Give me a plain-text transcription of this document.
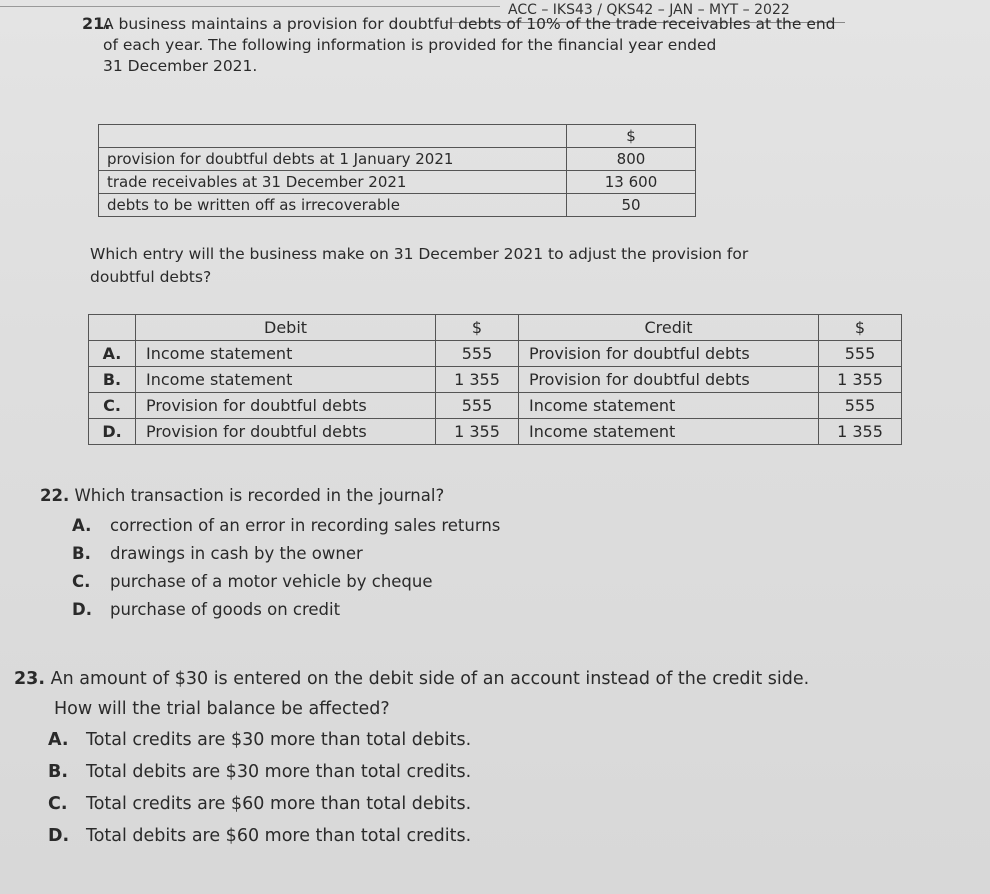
ACC – IKS43 / QKS42 – JAN – MYT – 2022
21.
A business maintains a provision for doubtful debts of 10% of the trade receivables at the end
of each year. The following information is provided for the financial year ended
31 December 2021.
	$
provision for doubtful debts at 1 January 2021	800
trade receivables at 31 December 2021	13 600
debts to be written off as irrecoverable	50
Which entry will the business make on 31 December 2021 to adjust the provision for
doubtful debts?
	Debit	$	Credit	$
A.	Income statement	555	Provision for doubtful debts	555
B.	Income statement	1 355	Provision for doubtful debts	1 355
C.	Provision for doubtful debts	555	Income statement	555
D.	Provision for doubtful debts	1 355	Income statement	1 355
22. Which transaction is recorded in the journal?
A. correction of an error in recording sales returns
B. drawings in cash by the owner
C. purchase of a motor vehicle by cheque
D. purchase of goods on credit
23. An amount of $30 is entered on the debit side of an account instead of the credit side.
How will the trial balance be affected?
A. Total credits are $30 more than total debits.
B. Total debits are $30 more than total credits.
C. Total credits are $60 more than total debits.
D. Total debits are $60 more than total credits.
